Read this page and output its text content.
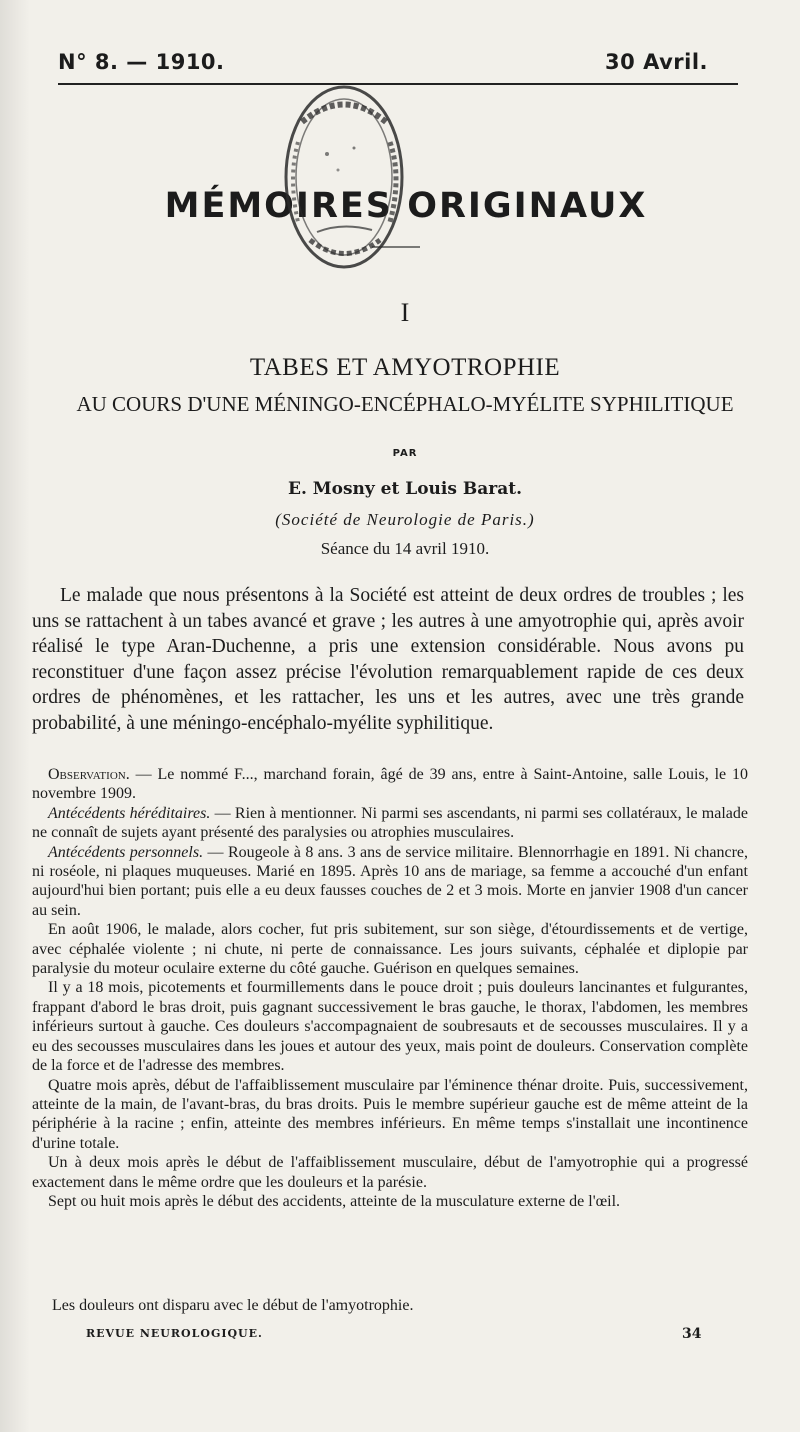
N° 8. — 1910.	30 Avril.
MÉMOIRES ORIGINAUX
I
TABES ET AMYOTROPHIE
AU COURS D'UNE MÉNINGO-ENCÉPHALO-MYÉLITE SYPHILITIQUE
PAR
E. Mosny et Louis Barat.
(Société de Neurologie de Paris.)
Séance du 14 avril 1910.
Le malade que nous présentons à la Société est atteint de deux ordres de troubles ; les uns se rattachent à un tabes avancé et grave ; les autres à une amyotrophie qui, après avoir réalisé le type Aran-Duchenne, a pris une extension considérable. Nous avons pu reconstituer d'une façon assez précise l'évolution remarquablement rapide de ces deux ordres de phénomènes, et les rattacher, les uns et les autres, avec une très grande probabilité, à une méningo-encéphalo-myélite syphilitique.

Observation. — Le nommé F..., marchand forain, âgé de 39 ans, entre à Saint-Antoine, salle Louis, le 10 novembre 1909.

Antécédents héréditaires. — Rien à mentionner. Ni parmi ses ascendants, ni parmi ses collatéraux, le malade ne connaît de sujets ayant présenté des paralysies ou atrophies musculaires.

Antécédents personnels. — Rougeole à 8 ans. 3 ans de service militaire. Blennorrhagie en 1891. Ni chancre, ni roséole, ni plaques muqueuses. Marié en 1895. Après 10 ans de mariage, sa femme a accouché d'un enfant aujourd'hui bien portant; puis elle a eu deux fausses couches de 2 et 3 mois. Morte en janvier 1908 d'un cancer au sein.

En août 1906, le malade, alors cocher, fut pris subitement, sur son siège, d'étourdissements et de vertige, avec céphalée violente ; ni chute, ni perte de connaissance. Les jours suivants, céphalée et diplopie par paralysie du moteur oculaire externe du côté gauche. Guérison en quelques semaines.

Il y a 18 mois, picotements et fourmillements dans le pouce droit ; puis douleurs lancinantes et fulgurantes, frappant d'abord le bras droit, puis gagnant successivement le bras gauche, le thorax, l'abdomen, les membres inférieurs surtout à gauche. Ces douleurs s'accompagnaient de soubresauts et de secousses musculaires. Il y a eu des secousses musculaires dans les joues et autour des yeux, mais point de douleurs. Conservation complète de la force et de l'adresse des membres.

Quatre mois après, début de l'affaiblissement musculaire par l'éminence thénar droite. Puis, successivement, atteinte de la main, de l'avant-bras, du bras droits. Puis le membre supérieur gauche est de même atteint de la périphérie à la racine ; enfin, atteinte des membres inférieurs. En même temps s'installait une incontinence d'urine totale.

Un à deux mois après le début de l'affaiblissement musculaire, début de l'amyotrophie qui a progressé exactement dans le même ordre que les douleurs et la parésie.

Sept ou huit mois après le début des accidents, atteinte de la musculature externe de l'œil.

Les douleurs ont disparu avec le début de l'amyotrophie.
REVUE NEUROLOGIQUE.	34
